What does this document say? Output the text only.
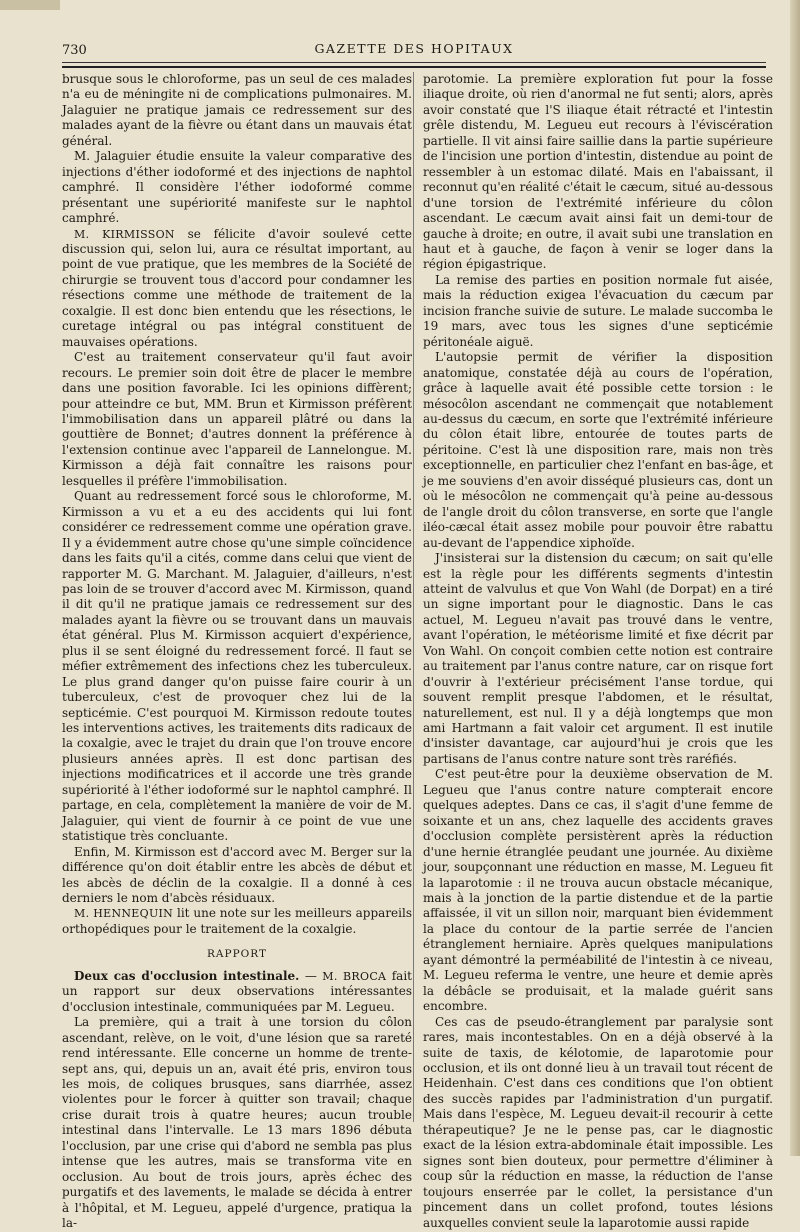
730	GAZETTE DES HOPITAUX

brusque sous le chloroforme, pas un seul de ces malades n'a eu de méningite ni de complications pulmonaires. M. Jalaguier ne pratique jamais ce redressement sur des malades ayant de la fièvre ou étant dans un mauvais état général.

M. Jalaguier étudie ensuite la valeur comparative des injections d'éther iodoformé et des injections de naphtol camphré. Il considère l'éther iodoformé comme présentant une supériorité manifeste sur le naphtol camphré.

M. KIRMISSON se félicite d'avoir soulevé cette discussion qui, selon lui, aura ce résultat important, au point de vue pratique, que les membres de la Société de chirurgie se trouvent tous d'accord pour condamner les résections comme une méthode de traitement de la coxalgie. Il est donc bien entendu que les résections, le curetage intégral ou pas intégral constituent de mauvaises opérations.

C'est au traitement conservateur qu'il faut avoir recours. Le premier soin doit être de placer le membre dans une position favorable. Ici les opinions diffèrent; pour atteindre ce but, MM. Brun et Kirmisson préfèrent l'immobilisation dans un appareil plâtré ou dans la gouttière de Bonnet; d'autres donnent la préférence à l'extension continue avec l'appareil de Lannelongue. M. Kirmisson a déjà fait connaître les raisons pour lesquelles il préfère l'immobilisation.

Quant au redressement forcé sous le chloroforme, M. Kirmisson a vu et a eu des accidents qui lui font considérer ce redressement comme une opération grave. Il y a évidemment autre chose qu'une simple coïncidence dans les faits qu'il a cités, comme dans celui que vient de rapporter M. G. Marchant. M. Jalaguier, d'ailleurs, n'est pas loin de se trouver d'accord avec M. Kirmisson, quand il dit qu'il ne pratique jamais ce redressement sur des malades ayant la fièvre ou se trouvant dans un mauvais état général. Plus M. Kirmisson acquiert d'expérience, plus il se sent éloigné du redressement forcé. Il faut se méfier extrêmement des infections chez les tuberculeux. Le plus grand danger qu'on puisse faire courir à un tuberculeux, c'est de provoquer chez lui de la septicémie. C'est pourquoi M. Kirmisson redoute toutes les interventions actives, les traitements dits radicaux de la coxalgie, avec le trajet du drain que l'on trouve encore plusieurs années après. Il est donc partisan des injections modificatrices et il accorde une très grande supériorité à l'éther iodoformé sur le naphtol camphré. Il partage, en cela, complètement la manière de voir de M. Jalaguier, qui vient de fournir à ce point de vue une statistique très concluante.

Enfin, M. Kirmisson est d'accord avec M. Berger sur la différence qu'on doit établir entre les abcès de début et les abcès de déclin de la coxalgie. Il a donné à ces derniers le nom d'abcès résiduaux.

M. HENNEQUIN lit une note sur les meilleurs appareils orthopédiques pour le traitement de la coxalgie.

RAPPORT

Deux cas d'occlusion intestinale. — M. BROCA fait un rapport sur deux observations intéressantes d'occlusion intestinale, communiquées par M. Legueu.

La première, qui a trait à une torsion du côlon ascendant, relève, on le voit, d'une lésion que sa rareté rend intéressante. Elle concerne un homme de trente-sept ans, qui, depuis un an, avait été pris, environ tous les mois, de coliques brusques, sans diarrhée, assez violentes pour le forcer à quitter son travail; chaque crise durait trois à quatre heures; aucun trouble intestinal dans l'intervalle. Le 13 mars 1896 débuta l'occlusion, par une crise qui d'abord ne sembla pas plus intense que les autres, mais se transforma vite en occlusion. Au bout de trois jours, après échec des purgatifs et des lavements, le malade se décida à entrer à l'hôpital, et M. Legueu, appelé d'urgence, pratiqua la la-

parotomie. La première exploration fut pour la fosse iliaque droite, où rien d'anormal ne fut senti; alors, après avoir constaté que l'S iliaque était rétracté et l'intestin grêle distendu, M. Legueu eut recours à l'éviscération partielle. Il vit ainsi faire saillie dans la partie supérieure de l'incision une portion d'intestin, distendue au point de ressembler à un estomac dilaté. Mais en l'abaissant, il reconnut qu'en réalité c'était le cæcum, situé au-dessous d'une torsion de l'extrémité inférieure du côlon ascendant. Le cæcum avait ainsi fait un demi-tour de gauche à droite; en outre, il avait subi une translation en haut et à gauche, de façon à venir se loger dans la région épigastrique.

La remise des parties en position normale fut aisée, mais la réduction exigea l'évacuation du cæcum par incision franche suivie de suture. Le malade succomba le 19 mars, avec tous les signes d'une septicémie péritonéale aiguë.

L'autopsie permit de vérifier la disposition anatomique, constatée déjà au cours de l'opération, grâce à laquelle avait été possible cette torsion : le mésocôlon ascendant ne commençait que notablement au-dessus du cæcum, en sorte que l'extrémité inférieure du côlon était libre, entourée de toutes parts de péritoine. C'est là une disposition rare, mais non très exceptionnelle, en particulier chez l'enfant en bas-âge, et je me souviens d'en avoir disséqué plusieurs cas, dont un où le mésocôlon ne commençait qu'à peine au-dessous de l'angle droit du côlon transverse, en sorte que l'angle iléo-cæcal était assez mobile pour pouvoir être rabattu au-devant de l'appendice xiphoïde.

J'insisterai sur la distension du cæcum; on sait qu'elle est la règle pour les différents segments d'intestin atteint de valvulus et que Von Wahl (de Dorpat) en a tiré un signe important pour le diagnostic. Dans le cas actuel, M. Legueu n'avait pas trouvé dans le ventre, avant l'opération, le météorisme limité et fixe décrit par Von Wahl. On conçoit combien cette notion est contraire au traitement par l'anus contre nature, car on risque fort d'ouvrir à l'extérieur précisément l'anse tordue, qui souvent remplit presque l'abdomen, et le résultat, naturellement, est nul. Il y a déjà longtemps que mon ami Hartmann a fait valoir cet argument. Il est inutile d'insister davantage, car aujourd'hui je crois que les partisans de l'anus contre nature sont très raréfiés.

C'est peut-être pour la deuxième observation de M. Legueu que l'anus contre nature compterait encore quelques adeptes. Dans ce cas, il s'agit d'une femme de soixante et un ans, chez laquelle des accidents graves d'occlusion complète persistèrent après la réduction d'une hernie étranglée peudant une journée. Au dixième jour, soupçonnant une réduction en masse, M. Legueu fit la laparotomie : il ne trouva aucun obstacle mécanique, mais à la jonction de la partie distendue et de la partie affaissée, il vit un sillon noir, marquant bien évidemment la place du contour de la partie serrée de l'ancien étranglement herniaire. Après quelques manipulations ayant démontré la perméabilité de l'intestin à ce niveau, M. Legueu referma le ventre, une heure et demie après la débâcle se produisait, et la malade guérit sans encombre.

Ces cas de pseudo-étranglement par paralysie sont rares, mais incontestables. On en a déjà observé à la suite de taxis, de kélotomie, de laparotomie pour occlusion, et ils ont donné lieu à un travail tout récent de Heidenhain. C'est dans ces conditions que l'on obtient des succès rapides par l'administration d'un purgatif. Mais dans l'espèce, M. Legueu devait-il recourir à cette thérapeutique? Je ne le pense pas, car le diagnostic exact de la lésion extra-abdominale était impossible. Les signes sont bien douteux, pour permettre d'éliminer à coup sûr la réduction en masse, la réduction de l'anse toujours enserrée par le collet, la persistance d'un pincement dans un collet profond, toutes lésions auxquelles convient seule la laparotomie aussi rapide
